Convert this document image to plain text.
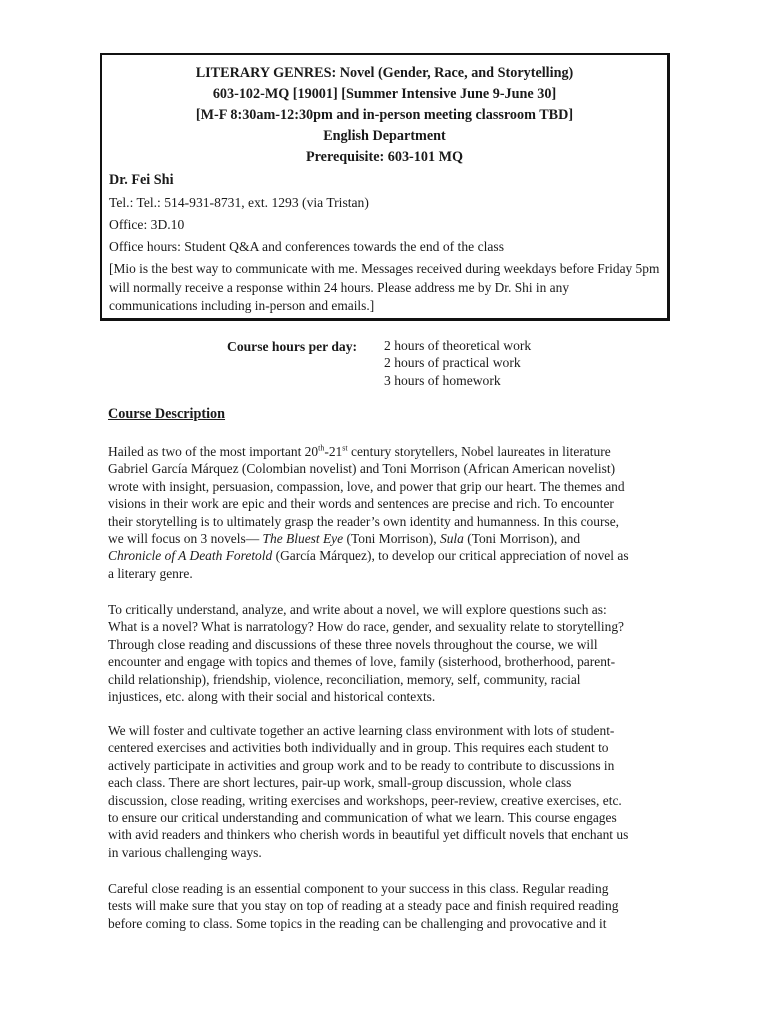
LITERARY GENRES: Novel (Gender, Race, and Storytelling)

603-102-MQ [19001] [Summer Intensive June 9-June 30]

[M-F 8:30am-12:30pm and in-person meeting classroom TBD]

English Department

Prerequisite: 603-101 MQ

Dr. Fei Shi

Tel.: Tel.: 514-931-8731, ext. 1293 (via Tristan)

Office: 3D.10

Office hours: Student Q&A and conferences towards the end of the class

[Mio is the best way to communicate with me. Messages received during weekdays before Friday 5pm will normally receive a response within 24 hours. Please address me by Dr. Shi in any communications including in-person and emails.]

Course hours per day: 2 hours of theoretical work
2 hours of practical work
3 hours of homework
Course Description

Hailed as two of the most important 20th-21st century storytellers, Nobel laureates in literature Gabriel García Márquez (Colombian novelist) and Toni Morrison (African American novelist) wrote with insight, persuasion, compassion, love, and power that grip our heart. The themes and visions in their work are epic and their words and sentences are precise and rich. To encounter their storytelling is to ultimately grasp the reader’s own identity and humanness. In this course, we will focus on 3 novels— The Bluest Eye (Toni Morrison), Sula (Toni Morrison), and Chronicle of A Death Foretold (García Márquez), to develop our critical appreciation of novel as a literary genre.

To critically understand, analyze, and write about a novel, we will explore questions such as: What is a novel? What is narratology? How do race, gender, and sexuality relate to storytelling? Through close reading and discussions of these three novels throughout the course, we will encounter and engage with topics and themes of love, family (sisterhood, brotherhood, parent-child relationship), friendship, violence, reconciliation, memory, self, community, racial injustices, etc. along with their social and historical contexts.

We will foster and cultivate together an active learning class environment with lots of student-centered exercises and activities both individually and in group. This requires each student to actively participate in activities and group work and to be ready to contribute to discussions in each class. There are short lectures, pair-up work, small-group discussion, whole class discussion, close reading, writing exercises and workshops, peer-review, creative exercises, etc. to ensure our critical understanding and communication of what we learn. This course engages with avid readers and thinkers who cherish words in beautiful yet difficult novels that enchant us in various challenging ways.

Careful close reading is an essential component to your success in this class. Regular reading tests will make sure that you stay on top of reading at a steady pace and finish required reading before coming to class. Some topics in the reading can be challenging and provocative and it
